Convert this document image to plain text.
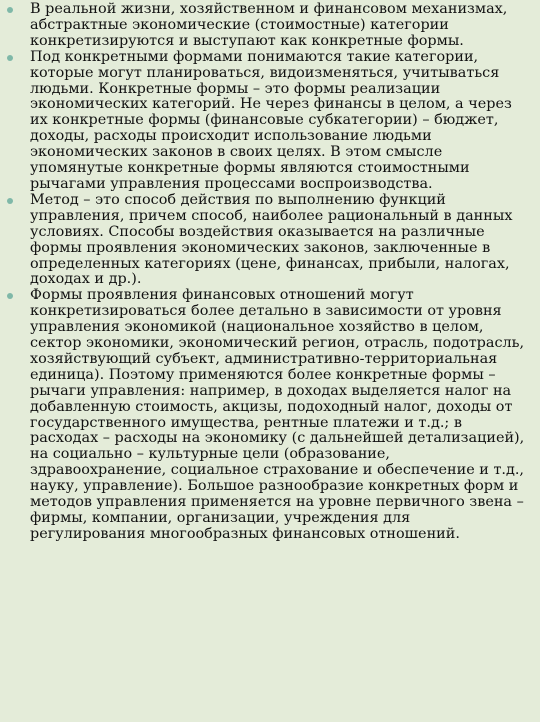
В реальной жизни, хозяйственном и финансовом механизмах, абстрактные экономические (стоимостные) категории конкретизируются и выступают как конкретные формы.
Под конкретными формами понимаются такие категории, которые могут планироваться, видоизменяться, учитываться людьми. Конкретные формы – это формы реализации экономических категорий. Не через финансы в целом, а через их конкретные формы (финансовые субкатегории) – бюджет, доходы, расходы происходит использование людьми экономических законов в своих целях. В этом смысле упомянутые конкретные формы являются стоимостными рычагами управления процессами воспроизводства.
Метод – это способ действия по выполнению функций управления, причем способ, наиболее рациональный в данных условиях. Способы воздействия оказывается на различные формы проявления экономических законов, заключенные в определенных категориях (цене, финансах, прибыли, налогах, доходах и др.).
Формы проявления финансовых отношений могут конкретизироваться более детально в зависимости от уровня управления экономикой (национальное хозяйство в целом, сектор экономики, экономический регион, отрасль, подотрасль, хозяйствующий субъект, административно-территориальная единица). Поэтому применяются более конкретные формы – рычаги управления: например, в доходах выделяется налог на добавленную стоимость, акцизы, подоходный налог, доходы от государственного имущества, рентные платежи и т.д.; в расходах – расходы на экономику (с дальнейшей детализацией), на социально – культурные цели (образование, здравоохранение, социальное страхование и обеспечение и т.д., науку, управление). Большое разнообразие конкретных форм и методов управления применяется на уровне первичного звена – фирмы, компании, организации, учреждения для регулирования многообразных финансовых отношений.
